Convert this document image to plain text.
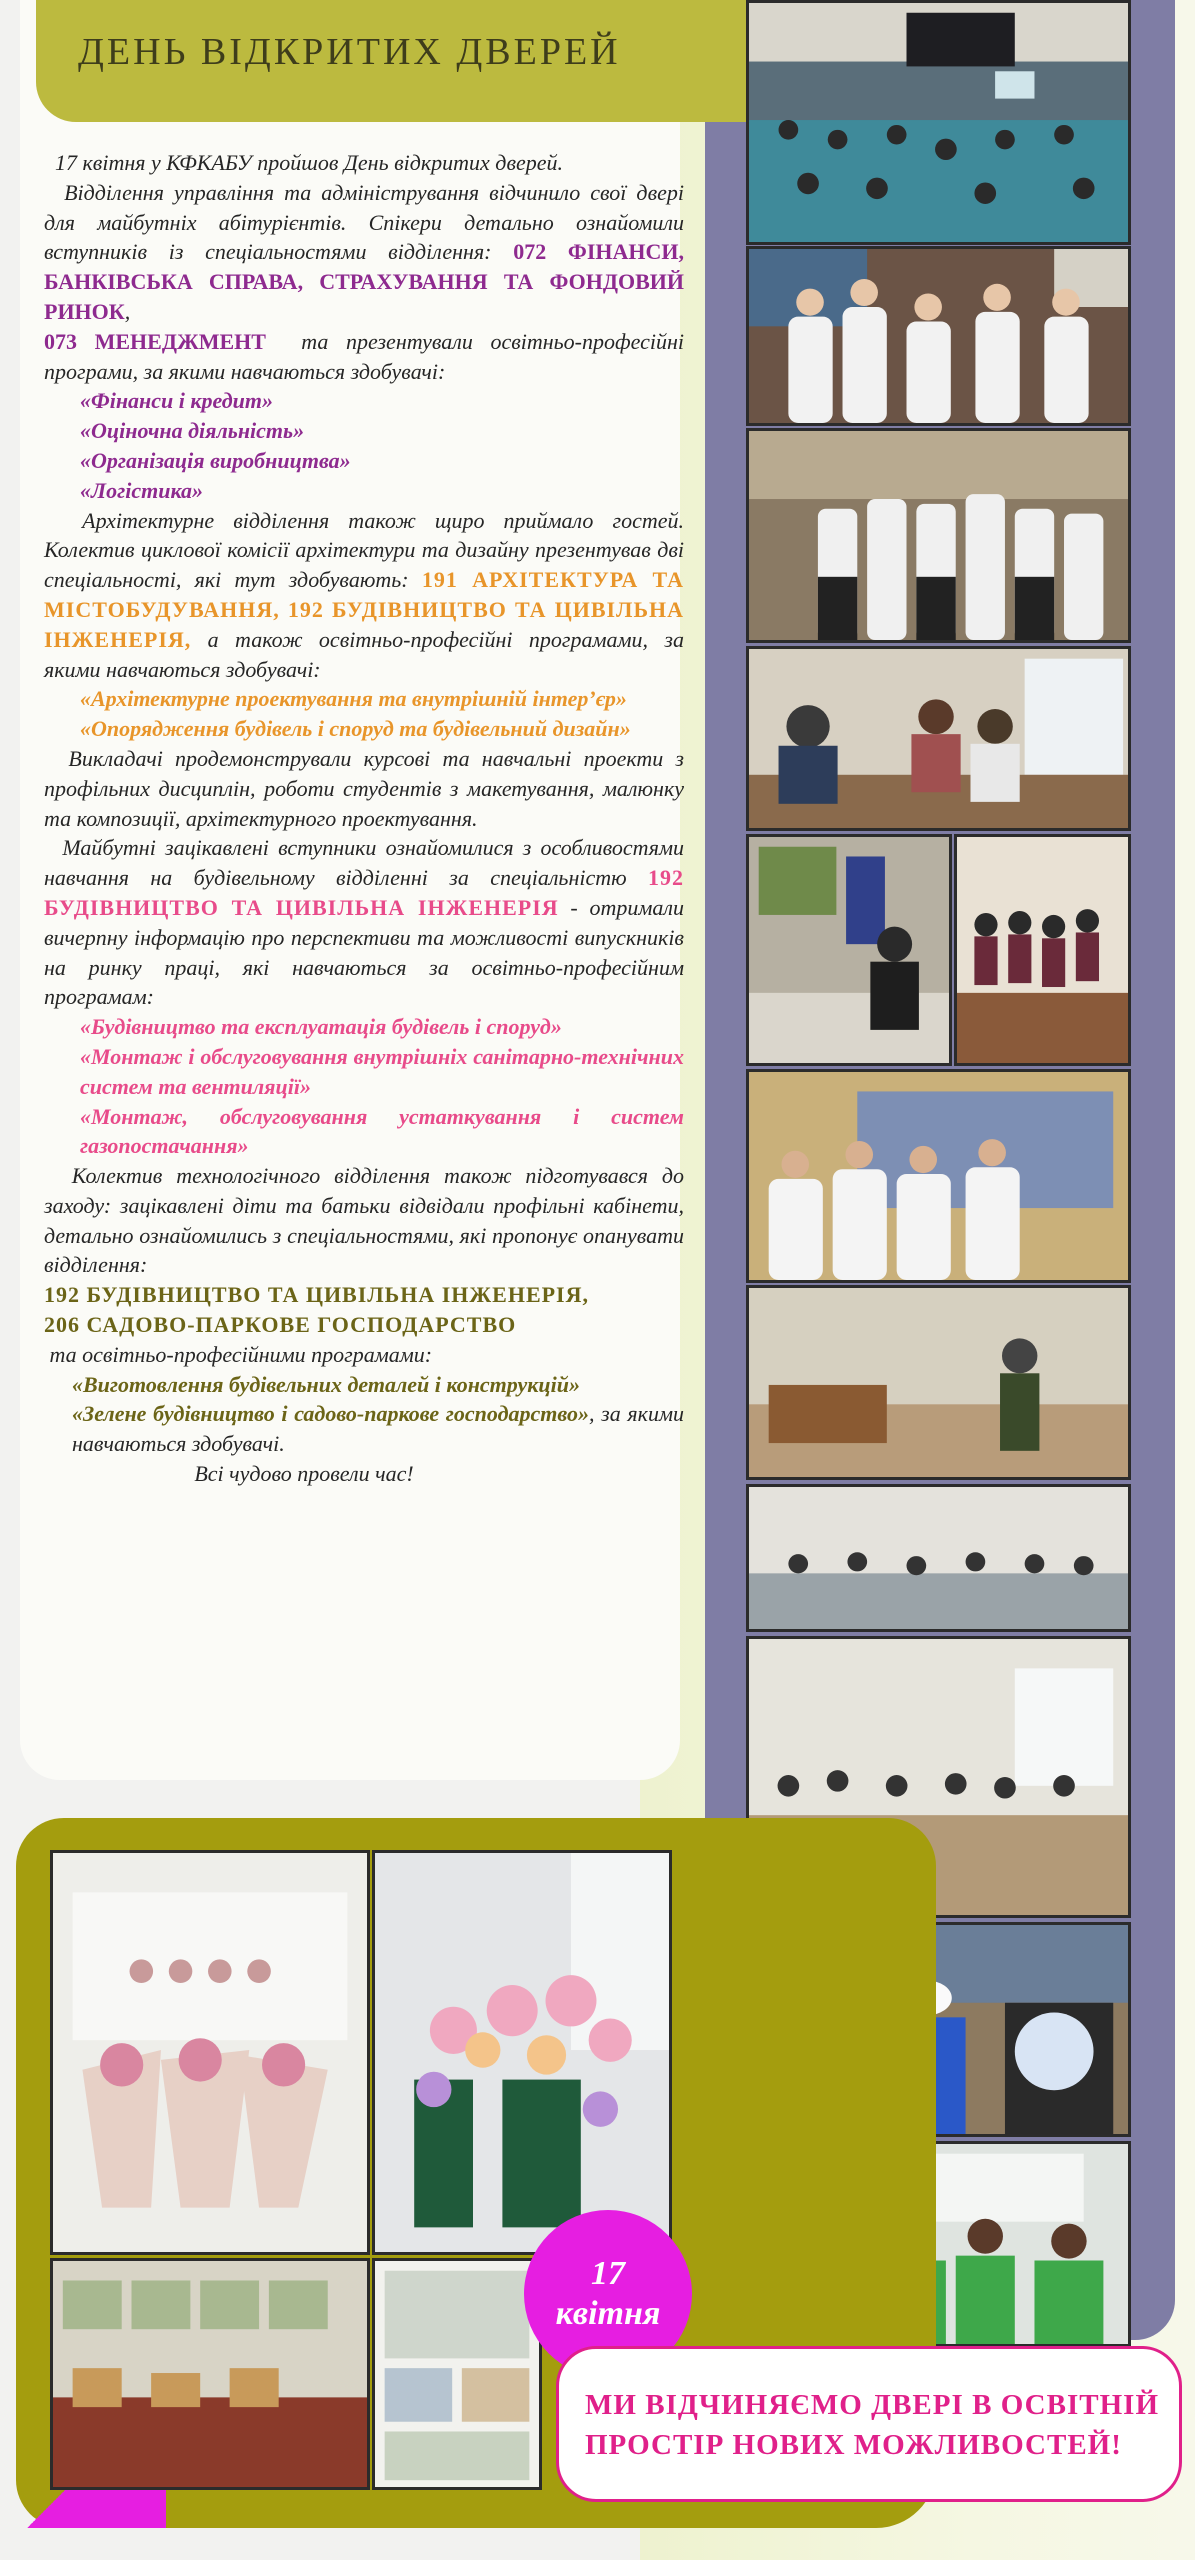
ДЕНЬ ВІДКРИТИХ ДВЕРЕЙ

17 квітня у КФКАБУ пройшов День відкритих дверей.

Відділення управління та адміністрування відчинило свої двері для майбутніх абітурієнтів. Спікери детально ознайомили вступників із спеціальностями відділення: 072 ФІНАНСИ, БАНКІВСЬКА СПРАВА, СТРАХУВАННЯ ТА ФОНДОВИЙ РИНОК,

073 МЕНЕДЖМЕНТ та презентували освітньо-професійні програми, за якими навчаються здобувачі:

«Фінанси і кредит»

«Оціночна діяльність»

«Організація виробництва»

«Логістика»

Архітектурне відділення також щиро приймало гостей. Колектив циклової комісії архітектури та дизайну презентував дві спеціальності, які тут здобувають: 191 АРХІТЕКТУРА ТА МІСТОБУДУВАННЯ, 192 БУДІВНИЦТВО ТА ЦИВІЛЬНА ІНЖЕНЕРІЯ, а також освітньо-професійні програмами, за якими навчаються здобувачі:

«Архітектурне проектування та внутрішній інтер’єр»

«Опорядження будівель і споруд та будівельний дизайн»

Викладачі продемонстрували курсові та навчальні проекти з профільних дисциплін, роботи студентів з макетування, малюнку та композиції, архітектурного проектування.

Майбутні зацікавлені вступники ознайомилися з особливостями навчання на будівельному відділенні за спеціальністю 192 БУДІВНИЦТВО ТА ЦИВІЛЬНА ІНЖЕНЕРІЯ - отримали вичерпну інформацію про перспективи та можливості випускників на ринку праці, які навчаються за освітньо-професійним програмам:

«Будівництво та експлуатація будівель і споруд»

«Монтаж і обслуговування внутрішніх санітарно-технічних систем та вентиляції»

«Монтаж, обслуговування устаткування і систем газопостачання»

Колектив технологічного відділення також підготувався до заходу: зацікавлені діти та батьки відвідали профільні кабінети, детально ознайомились з спеціальностями, які пропонує опанувати відділення:

192 БУДІВНИЦТВО ТА ЦИВІЛЬНА ІНЖЕНЕРІЯ,

206 САДОВО-ПАРКОВЕ ГОСПОДАРСТВО

та освітньо-професійними програмами:

«Виготовлення будівельних деталей і конструкцій»

«Зелене будівництво і садово-паркове господарство», за якими навчаються здобувачі.

Всі чудово провели час!

17
квітня
МИ ВІДЧИНЯЄМО ДВЕРІ В ОСВІТНІЙ ПРОСТІР НОВИХ МОЖЛИВОСТЕЙ!
